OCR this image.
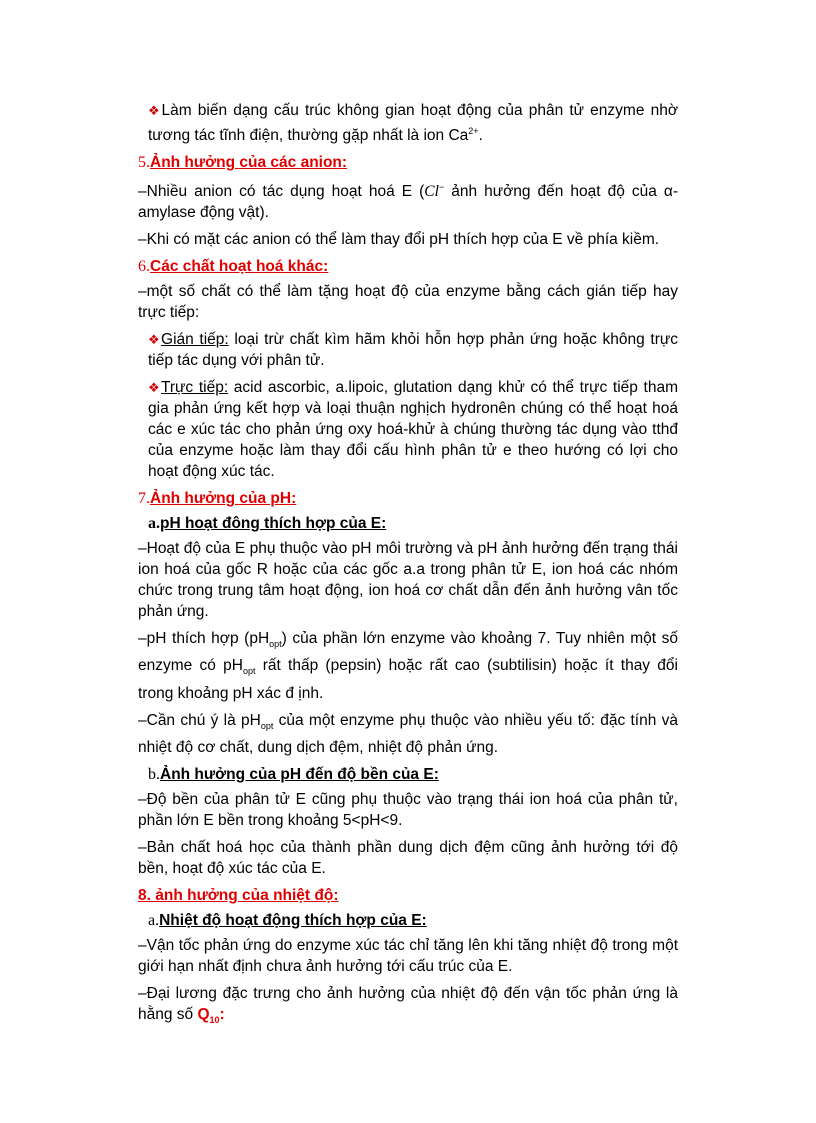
❖Làm biến dạng cấu trúc không gian hoạt động của phân tử enzyme nhờ tương tác tĩnh điện, thường gặp nhất là ion $Ca^{2+}$.

5.Ảnh hưởng của các anion:

–Nhiều anion có tác dụng hoạt hoá E (Cl− ảnh hưởng đến hoạt độ của α-amylase động vật).

–Khi có mặt các anion có thể làm thay đổi pH thích hợp của E về phía kiềm.

6.Các chất hoạt hoá khác:

–một số chất có thể làm tặng hoạt độ của enzyme bằng cách gián tiếp hay trực tiếp:

❖Gián tiếp: loại trừ chất kìm hãm khỏi hỗn hợp phản ứng hoặc không trực tiếp tác dụng với phân tử.

❖Trực tiếp: acid ascorbic, a.lipoic, glutation dạng khử có thể trực tiếp tham gia phản ứng kết hợp và loại thuận nghịch hydronên chúng có thể hoạt hoá các e xúc tác cho phản ứng oxy hoá-khử à chúng thường tác dụng vào tthđ của enzyme hoặc làm thay đổi cấu hình phân tử e theo hướng có lợi cho hoạt động xúc tác.

7.Ảnh hưởng của pH:
a.pH hoạt đông thích hợp của E:

–Hoạt độ của E phụ thuộc vào pH môi trường và pH ảnh hưởng đến trạng thái ion hoá của gốc R hoặc của các gốc a.a trong phân tử E, ion hoá các nhóm chức trong trung tâm hoạt động, ion hoá cơ chất dẫn đến ảnh hưởng vân tốc phản ứng.

–pH thích hợp $(pH_{opt})$ của phần lớn enzyme vào khoảng 7. Tuy nhiên một số enzyme có $pH_{opt}$ rất thấp (pepsin) hoặc rất cao (subtilisin) hoặc ít thay đổi trong khoảng pH xác đ ịnh.

–Cần chú ý là $pH_{opt}$ của một enzyme phụ thuộc vào nhiều yếu tố: đặc tính và nhiệt độ cơ chất, dung dịch đệm, nhiệt độ phản ứng.

b.Ảnh hưởng của pH đến độ bền của E:

–Độ bền của phân tử E cũng phụ thuộc vào trạng thái ion hoá của phân tử, phần lớn E bền trong khoảng 5<pH<9.

–Bản chất hoá học của thành phần dung dịch đệm cũng ảnh hưởng tới độ bền, hoạt độ xúc tác của E.

8. ảnh hưởng của nhiệt độ:
a.Nhiệt độ hoạt động thích hợp của E:

–Vận tốc phản ứng do enzyme xúc tác chỉ tăng lên khi tăng nhiệt độ trong một giới hạn nhất định chưa ảnh hưởng tới cấu trúc của E.

–Đại lương đặc trưng cho ảnh hưởng của nhiệt độ đến vận tốc phản ứng là hằng số $Q_{10}$:
